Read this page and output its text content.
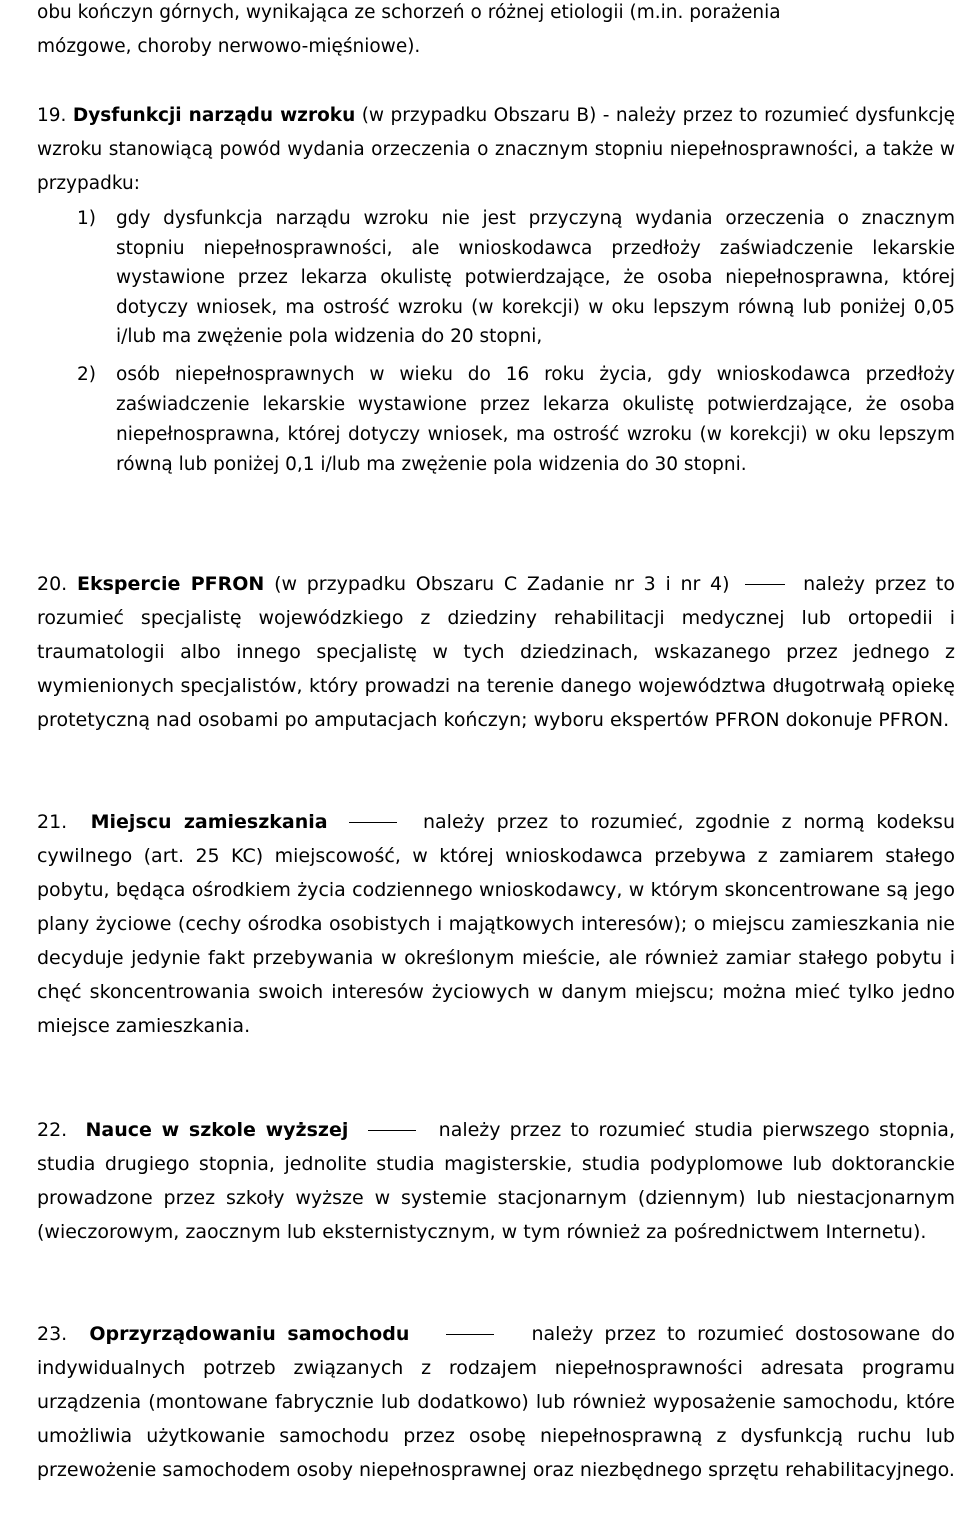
obu kończyn górnych, wynikająca ze schorzeń o różnej etiologii (m.in. porażenia

mózgowe, choroby nerwowo-mięśniowe).

19. Dysfunkcji narządu wzroku (w przypadku Obszaru B) - należy przez to rozumieć dysfunkcję wzroku stanowiącą powód wydania orzeczenia o znacznym stopniu niepełnosprawności, a także w przypadku:

1) gdy dysfunkcja narządu wzroku nie jest przyczyną wydania orzeczenia o znacznym stopniu niepełnosprawności, ale wnioskodawca przedłoży zaświadczenie lekarskie wystawione przez lekarza okulistę potwierdzające, że osoba niepełnosprawna, której dotyczy wniosek, ma ostrość wzroku (w korekcji) w oku lepszym równą lub poniżej 0,05 i/lub ma zwężenie pola widzenia do 20 stopni,

2) osób niepełnosprawnych w wieku do 16 roku życia, gdy wnioskodawca przedłoży zaświadczenie lekarskie wystawione przez lekarza okulistę potwierdzające, że osoba niepełnosprawna, której dotyczy wniosek, ma ostrość wzroku (w korekcji) w oku lepszym równą lub poniżej 0,1 i/lub ma zwężenie pola widzenia do 30 stopni.

20. Ekspercie PFRON (w przypadku Obszaru C Zadanie nr 3 i nr 4)	należy przez to rozumieć specjalistę wojewódzkiego z dziedziny rehabilitacji medycznej lub ortopedii i traumatologii albo innego specjalistę w tych dziedzinach, wskazanego przez jednego z wymienionych specjalistów, który prowadzi na terenie danego województwa długotrwałą opiekę protetyczną nad osobami po amputacjach kończyn; wyboru ekspertów PFRON dokonuje PFRON.

21. Miejscu zamieszkania	należy przez to rozumieć, zgodnie z normą kodeksu cywilnego (art. 25 KC) miejscowość, w której wnioskodawca przebywa z zamiarem stałego pobytu, będąca ośrodkiem życia codziennego wnioskodawcy, w którym skoncentrowane są jego plany życiowe (cechy ośrodka osobistych i majątkowych interesów); o miejscu zamieszkania nie decyduje jedynie fakt przebywania w określonym mieście, ale również zamiar stałego pobytu i chęć skoncentrowania swoich interesów życiowych w danym miejscu; można mieć tylko jedno miejsce zamieszkania.

22. Nauce w szkole wyższej	należy przez to rozumieć studia pierwszego stopnia, studia drugiego stopnia, jednolite studia magisterskie, studia podyplomowe lub doktoranckie prowadzone przez szkoły wyższe w systemie stacjonarnym (dziennym) lub niestacjonarnym (wieczorowym, zaocznym lub eksternistycznym, w tym również za pośrednictwem Internetu).

23. Oprzyrządowaniu samochodu	należy przez to rozumieć dostosowane do indywidualnych potrzeb związanych z rodzajem niepełnosprawności adresata programu urządzenia (montowane fabrycznie lub dodatkowo) lub również wyposażenie samochodu, które umożliwia użytkowanie samochodu przez osobę niepełnosprawną z dysfunkcją ruchu lub przewożenie samochodem osoby niepełnosprawnej oraz niezbędnego sprzętu rehabilitacyjnego.
